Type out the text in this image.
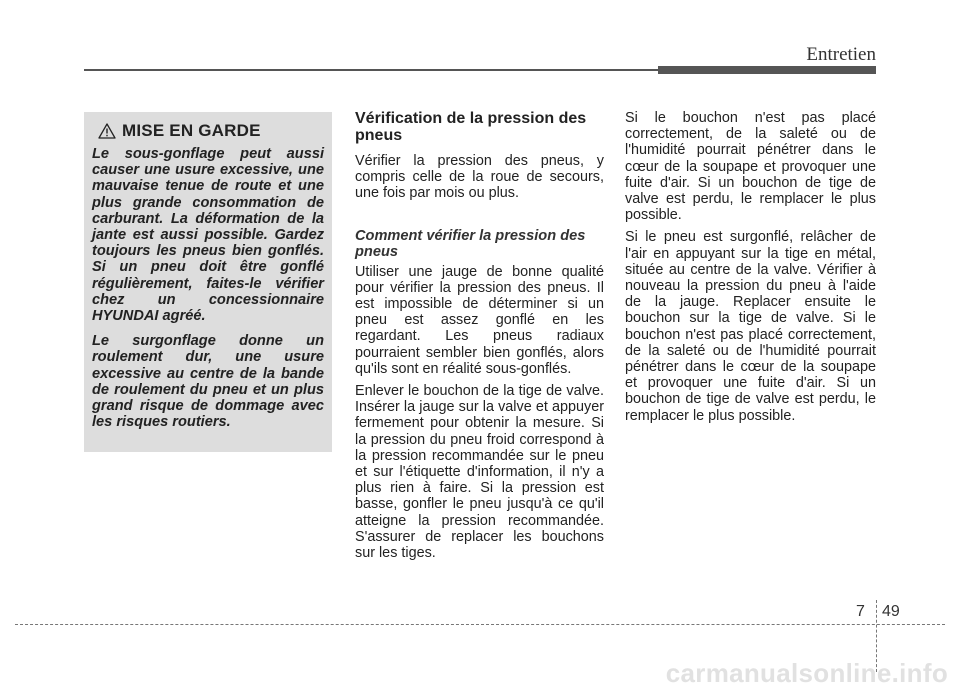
Entretien
MISE EN GARDE

Le sous-gonflage peut aussi causer une usure excessive, une mauvaise tenue de route et une plus grande consommation de carburant. La déformation de la jante est aussi possible. Gardez toujours les pneus bien gonflés. Si un pneu doit être gonflé régulièrement, faites-le vérifier chez un concessionnaire HYUNDAI agréé.

Le surgonflage donne un roulement dur, une usure excessive au centre de la bande de roulement du pneu et un plus grand risque de dommage avec les risques routiers.

Vérification de la pression des pneus

Vérifier la pression des pneus, y compris celle de la roue de secours, une fois par mois ou plus.

Comment vérifier la pression des pneus

Utiliser une jauge de bonne qualité pour vérifier la pression des pneus. Il est impossible de déterminer si un pneu est assez gonflé en les regardant. Les pneus radiaux pourraient sembler bien gonflés, alors qu'ils sont en réalité sous-gonflés.

Enlever le bouchon de la tige de valve. Insérer la jauge sur la valve et appuyer fermement pour obtenir la mesure. Si la pression du pneu froid correspond à la pression recommandée sur le pneu et sur l'étiquette d'information, il n'y a plus rien à faire. Si la pression est basse, gonfler le pneu jusqu'à ce qu'il atteigne la pression recommandée. S'assurer de replacer les bouchons sur les tiges.

Si le bouchon n'est pas placé correctement, de la saleté ou de l'humidité pourrait pénétrer dans le cœur de la soupape et provoquer une fuite d'air. Si un bouchon de tige de valve est perdu, le remplacer le plus possible.

Si le pneu est surgonflé, relâcher de l'air en appuyant sur la tige en métal, située au centre de la valve. Vérifier à nouveau la pression du pneu à l'aide de la jauge. Replacer ensuite le bouchon sur la tige de valve. Si le bouchon n'est pas placé correctement, de la saleté ou de l'humidité pourrait pénétrer dans le cœur de la soupape et provoquer une fuite d'air. Si un bouchon de tige de valve est perdu, le remplacer le plus possible.

7 49
carmanualsonline.info
